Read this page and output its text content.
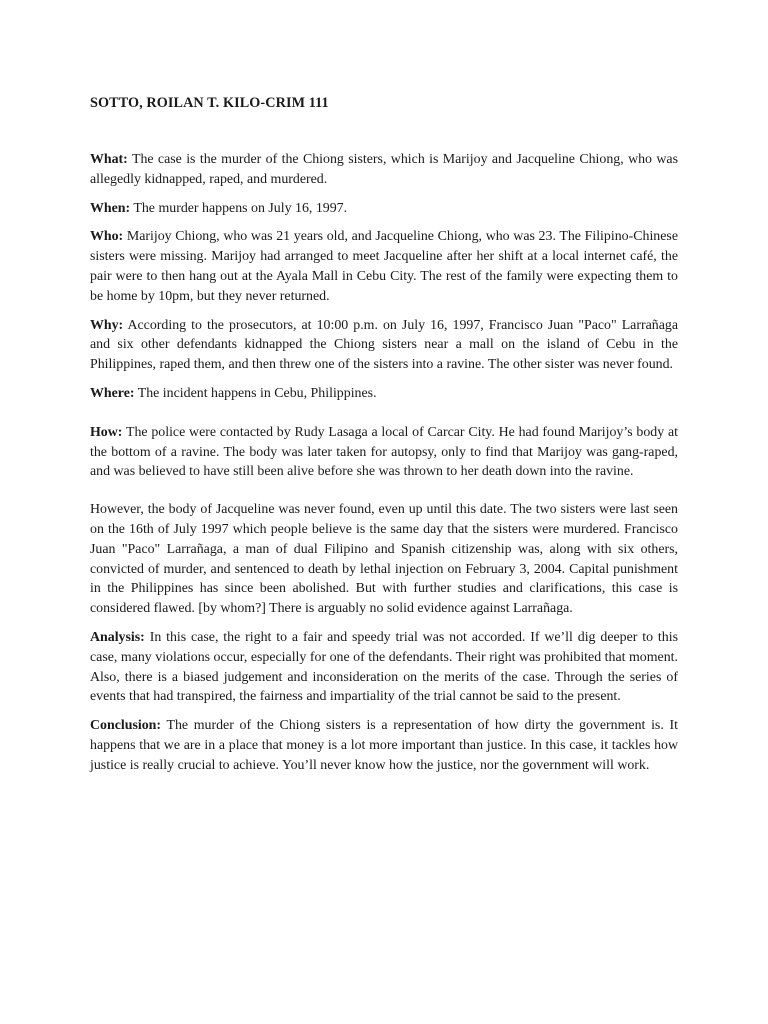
SOTTO, ROILAN T. KILO-CRIM 111

What: The case is the murder of the Chiong sisters, which is Marijoy and Jacqueline Chiong, who was allegedly kidnapped, raped, and murdered.

When: The murder happens on July 16, 1997.

Who: Marijoy Chiong, who was 21 years old, and Jacqueline Chiong, who was 23. The Filipino-Chinese sisters were missing. Marijoy had arranged to meet Jacqueline after her shift at a local internet café, the pair were to then hang out at the Ayala Mall in Cebu City. The rest of the family were expecting them to be home by 10pm, but they never returned.

Why: According to the prosecutors, at 10:00 p.m. on July 16, 1997, Francisco Juan "Paco" Larrañaga and six other defendants kidnapped the Chiong sisters near a mall on the island of Cebu in the Philippines, raped them, and then threw one of the sisters into a ravine. The other sister was never found.

Where: The incident happens in Cebu, Philippines.

How: The police were contacted by Rudy Lasaga a local of Carcar City. He had found Marijoy’s body at the bottom of a ravine. The body was later taken for autopsy, only to find that Marijoy was gang-raped, and was believed to have still been alive before she was thrown to her death down into the ravine.

However, the body of Jacqueline was never found, even up until this date. The two sisters were last seen on the 16th of July 1997 which people believe is the same day that the sisters were murdered. Francisco Juan "Paco" Larrañaga, a man of dual Filipino and Spanish citizenship was, along with six others, convicted of murder, and sentenced to death by lethal injection on February 3, 2004. Capital punishment in the Philippines has since been abolished. But with further studies and clarifications, this case is considered flawed. [by whom?] There is arguably no solid evidence against Larrañaga.

Analysis: In this case, the right to a fair and speedy trial was not accorded. If we’ll dig deeper to this case, many violations occur, especially for one of the defendants. Their right was prohibited that moment. Also, there is a biased judgement and inconsideration on the merits of the case. Through the series of events that had transpired, the fairness and impartiality of the trial cannot be said to the present.

Conclusion: The murder of the Chiong sisters is a representation of how dirty the government is. It happens that we are in a place that money is a lot more important than justice. In this case, it tackles how justice is really crucial to achieve. You’ll never know how the justice, nor the government will work.
